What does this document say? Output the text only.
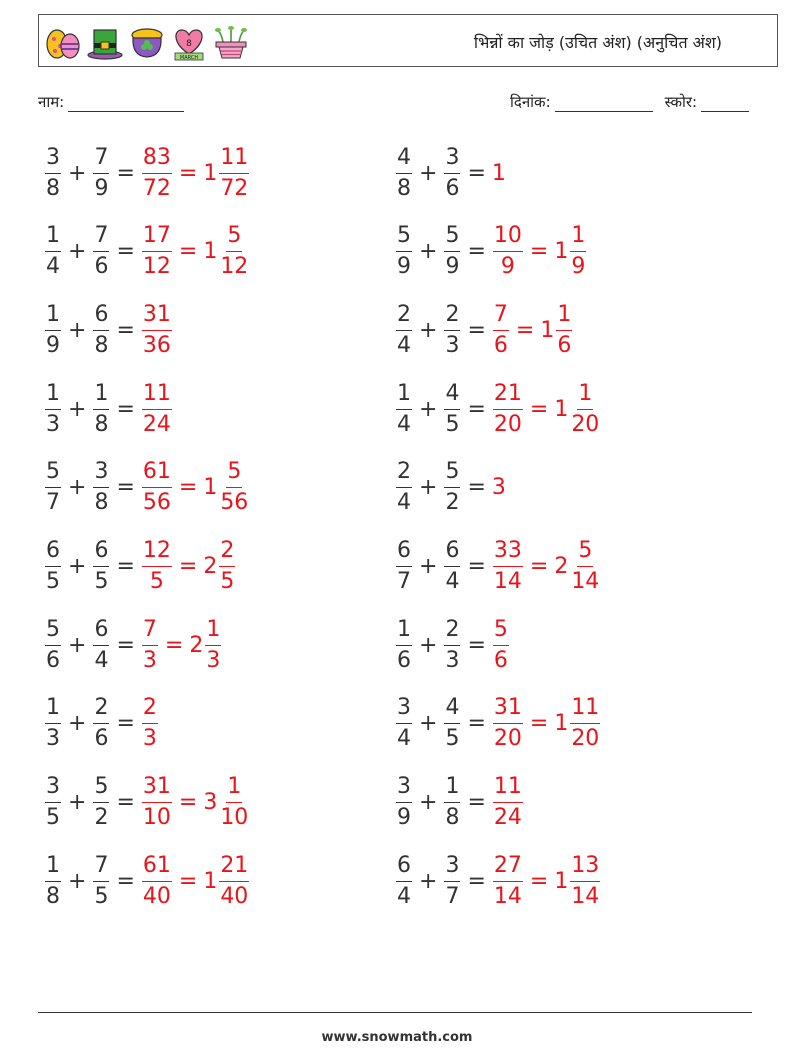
8
MARCH
भिन्नों का जोड़ (उचित अंश) (अनुचित अंश)
नाम:	दिनांक:	स्कोर:
$\frac{3}{8} + \frac{7}{9} = \frac{83}{72} = 1 \frac{11}{72}$	$\frac{4}{8} + \frac{3}{6} = 1$
$\frac{1}{4} + \frac{7}{6} = \frac{17}{12} = 1 \frac{5}{12}$	$\frac{5}{9} + \frac{5}{9} = \frac{10}{9} = 1 \frac{1}{9}$
$\frac{1}{9} + \frac{6}{8} = \frac{31}{36}$	$\frac{2}{4} + \frac{2}{3} = \frac{7}{6} = 1 \frac{1}{6}$
$\frac{1}{3} + \frac{1}{8} = \frac{11}{24}$	$\frac{1}{4} + \frac{4}{5} = \frac{21}{20} = 1 \frac{1}{20}$
$\frac{5}{7} + \frac{3}{8} = \frac{61}{56} = 1 \frac{5}{56}$	$\frac{2}{4} + \frac{5}{2} = 3$
$\frac{6}{5} + \frac{6}{5} = \frac{12}{5} = 2 \frac{2}{5}$	$\frac{6}{7} + \frac{6}{4} = \frac{33}{14} = 2 \frac{5}{14}$
$\frac{5}{6} + \frac{6}{4} = \frac{7}{3} = 2 \frac{1}{3}$	$\frac{1}{6} + \frac{2}{3} = \frac{5}{6}$
$\frac{1}{3} + \frac{2}{6} = \frac{2}{3}$	$\frac{3}{4} + \frac{4}{5} = \frac{31}{20} = 1 \frac{11}{20}$
$\frac{3}{5} + \frac{5}{2} = \frac{31}{10} = 3 \frac{1}{10}$	$\frac{3}{9} + \frac{1}{8} = \frac{11}{24}$
$\frac{1}{8} + \frac{7}{5} = \frac{61}{40} = 1 \frac{21}{40}$	$\frac{6}{4} + \frac{3}{7} = \frac{27}{14} = 1 \frac{13}{14}$
www.snowmath.com
